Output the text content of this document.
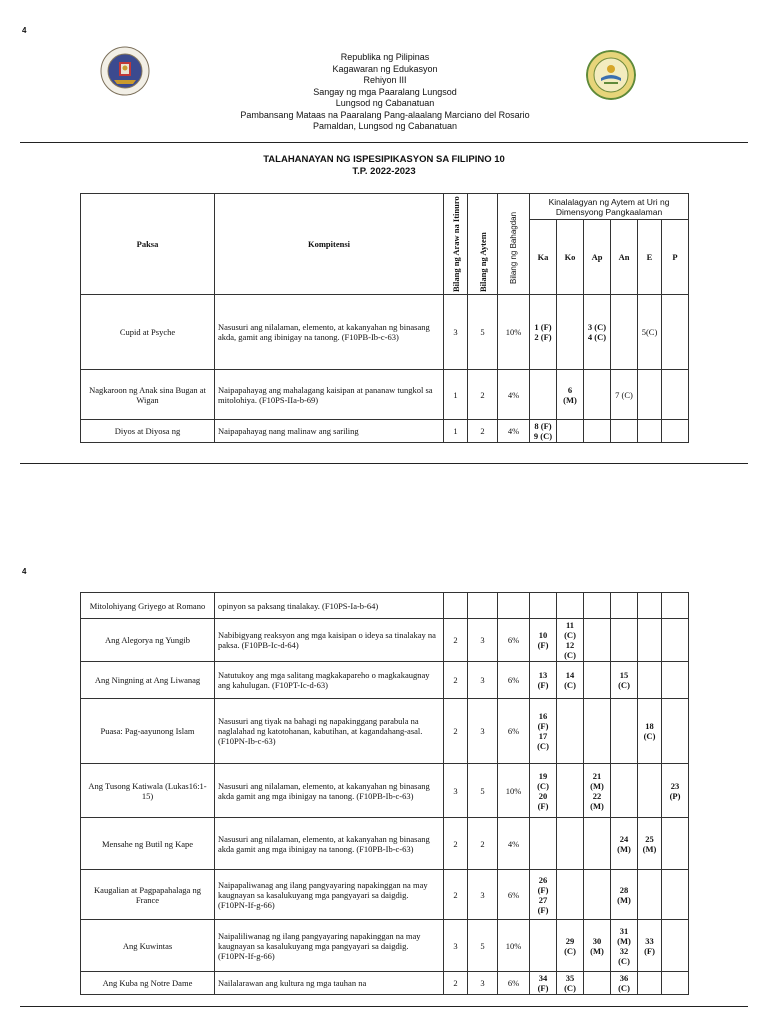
4
Republika ng Pilipinas
Kagawaran ng Edukasyon
Rehiyon III
Sangay ng mga Paaralang Lungsod
Lungsod ng Cabanatuan
Pambansang Mataas na Paaralang Pang-alaalang Marciano del Rosario
Pamaldan, Lungsod ng Cabanatuan
TALAHANAYAN NG ISPESIPIKASYON SA FILIPINO 10
T.P. 2022-2023
Paksa	Kompitensi	Bilang ng Araw na Itinuro	Bilang ng Aytem	Bilang ng Bahagdan	Kinalalagyan ng Aytem at Uri ng Dimensyong Pangkaalaman					
					Ka	Ko	Ap	An	E	P
Cupid at Psyche	Nasusuri ang nilalaman, elemento, at kakanyahan ng binasang akda, gamit ang ibinigay na tanong. (F10PB-Ib-c-63)	3	5	10%	1 (F) 2 (F)		3 (C) 4 (C)		5(C)	
Nagkaroon ng Anak sina Bugan at Wigan	Naipapahayag ang mahalagang kaisipan at pananaw tungkol sa mitolohiya. (F10PS-IIa-b-69)	1	2	4%		6 (M)		7 (C)		
Diyos at Diyosa ng	Naipapahayag nang malinaw ang sariling	1	2	4%	8 (F) 9 (C)					
4
Mitolohiyang Griyego at Romano	opinyon sa paksang tinalakay. (F10PS-Ia-b-64)									
Ang Alegorya ng Yungib	Nabibigyang reaksyon ang mga kaisipan o ideya sa tinalakay na paksa. (F10PB-Ic-d-64)	2	3	6%	10 (F)	11 (C) 12 (C)				
Ang Ningning at Ang Liwanag	Natutukoy ang mga salitang magkakapareho o magkakaugnay ang kahulugan. (F10PT-Ic-d-63)	2	3	6%	13 (F)	14 (C)		15 (C)		
Puasa: Pag-aayunong Islam	Nasusuri ang tiyak na bahagi ng napakinggang parabula na naglalahad ng katotohanan, kabutihan, at kagandahang-asal. (F10PN-Ib-c-63)	2	3	6%	16 (F) 17 (C)				18 (C)	
Ang Tusong Katiwala (Lukas16:1-15)	Nasusuri ang nilalaman, elemento, at kakanyahan ng binasang akda gamit ang mga ibinigay na tanong. (F10PB-Ib-c-63)	3	5	10%	19 (C) 20 (F)		21 (M) 22 (M)			23 (P)
Mensahe ng Butil ng Kape	Nasusuri ang nilalaman, elemento, at kakanyahan ng binasang akda gamit ang mga ibinigay na tanong. (F10PB-Ib-c-63)	2	2	4%				24 (M)	25 (M)	
Kaugalian at Pagpapahalaga ng France	Naipapaliwanag ang ilang pangyayaring napakinggan na may kaugnayan sa kasalukuyang mga pangyayari sa daigdig. (F10PN-If-g-66)	2	3	6%	26 (F) 27 (F)			28 (M)		
Ang Kuwintas	Naipaliliwanag ng ilang pangyayaring napakinggan na may kaugnayan sa kasalukuyang mga pangyayari sa daigdig. (F10PN-If-g-66)	3	5	10%		29 (C)	30 (M)	31 (M) 32 (C)	33 (F)	
Ang Kuba ng Notre Dame	Nailalarawan ang kultura ng mga tauhan na	2	3	6%	34 (F)	35 (C)		36 (C)		
